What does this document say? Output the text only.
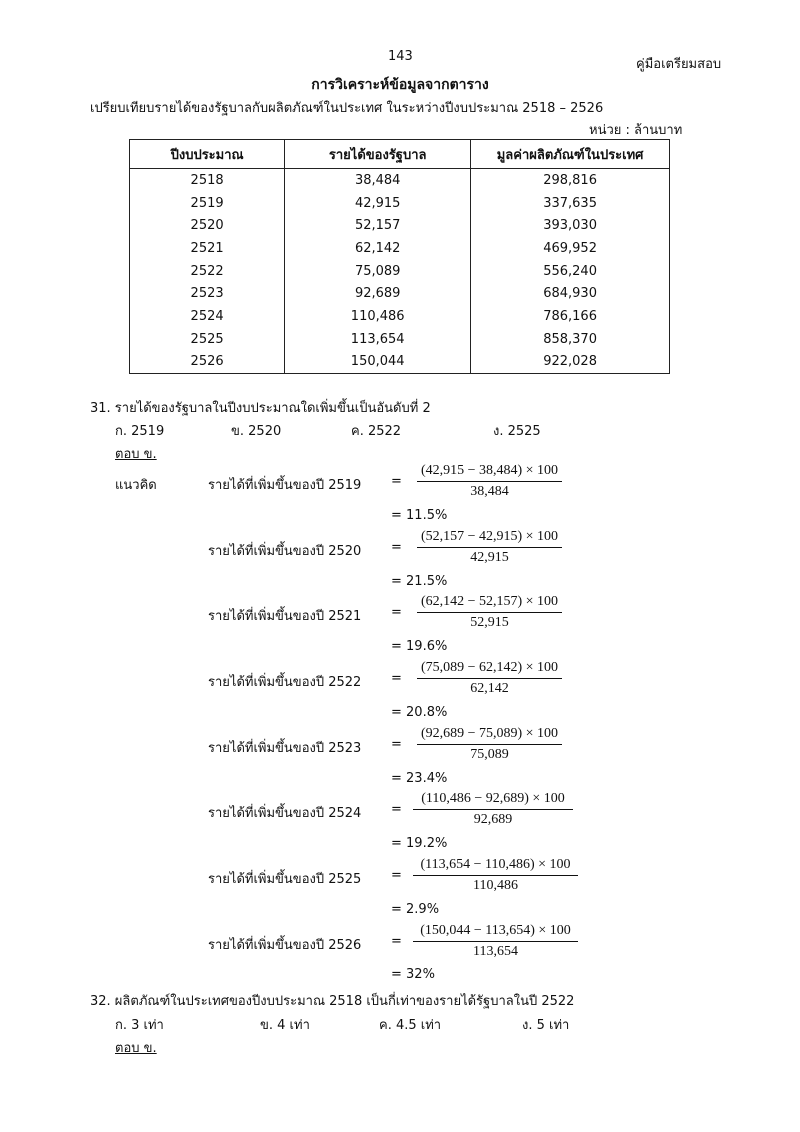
143
คู่มือเตรียมสอบ
การวิเคราะห์ข้อมูลจากตาราง
เปรียบเทียบรายได้ของรัฐบาลกับผลิตภัณฑ์ในประเทศ ในระหว่างปีงบประมาณ 2518 – 2526
หน่วย : ล้านบาท
ปีงบประมาณ	รายได้ของรัฐบาล	มูลค่าผลิตภัณฑ์ในประเทศ
2518	38,484	298,816
2519	42,915	337,635
2520	52,157	393,030
2521	62,142	469,952
2522	75,089	556,240
2523	92,689	684,930
2524	110,486	786,166
2525	113,654	858,370
2526	150,044	922,028
31. รายได้ของรัฐบาลในปีงบประมาณใดเพิ่มขึ้นเป็นอันดับที่ 2
ก. 2519	ข. 2520	ค. 2522	ง. 2525
ตอบ ข.
แนวคิด	รายได้ที่เพิ่มขึ้นของปี 2519 =
(42,915 − 38,484) × 100
38,484
= 11.5%
รายได้ที่เพิ่มขึ้นของปี 2520 =
(52,157 − 42,915) × 100
42,915
= 21.5%
รายได้ที่เพิ่มขึ้นของปี 2521 =
(62,142 − 52,157) × 100
52,915
= 19.6%
รายได้ที่เพิ่มขึ้นของปี 2522 =
(75,089 − 62,142) × 100
62,142
= 20.8%
รายได้ที่เพิ่มขึ้นของปี 2523 =
(92,689 − 75,089) × 100
75,089
= 23.4%
รายได้ที่เพิ่มขึ้นของปี 2524 =
(110,486 − 92,689) × 100
92,689
= 19.2%
รายได้ที่เพิ่มขึ้นของปี 2525 =
(113,654 − 110,486) × 100
110,486
= 2.9%
รายได้ที่เพิ่มขึ้นของปี 2526 =
(150,044 − 113,654) × 100
113,654
= 32%
32. ผลิตภัณฑ์ในประเทศของปีงบประมาณ 2518 เป็นกี่เท่าของรายได้รัฐบาลในปี 2522
ก. 3 เท่า	ข. 4 เท่า	ค. 4.5 เท่า	ง. 5 เท่า
ตอบ ข.
